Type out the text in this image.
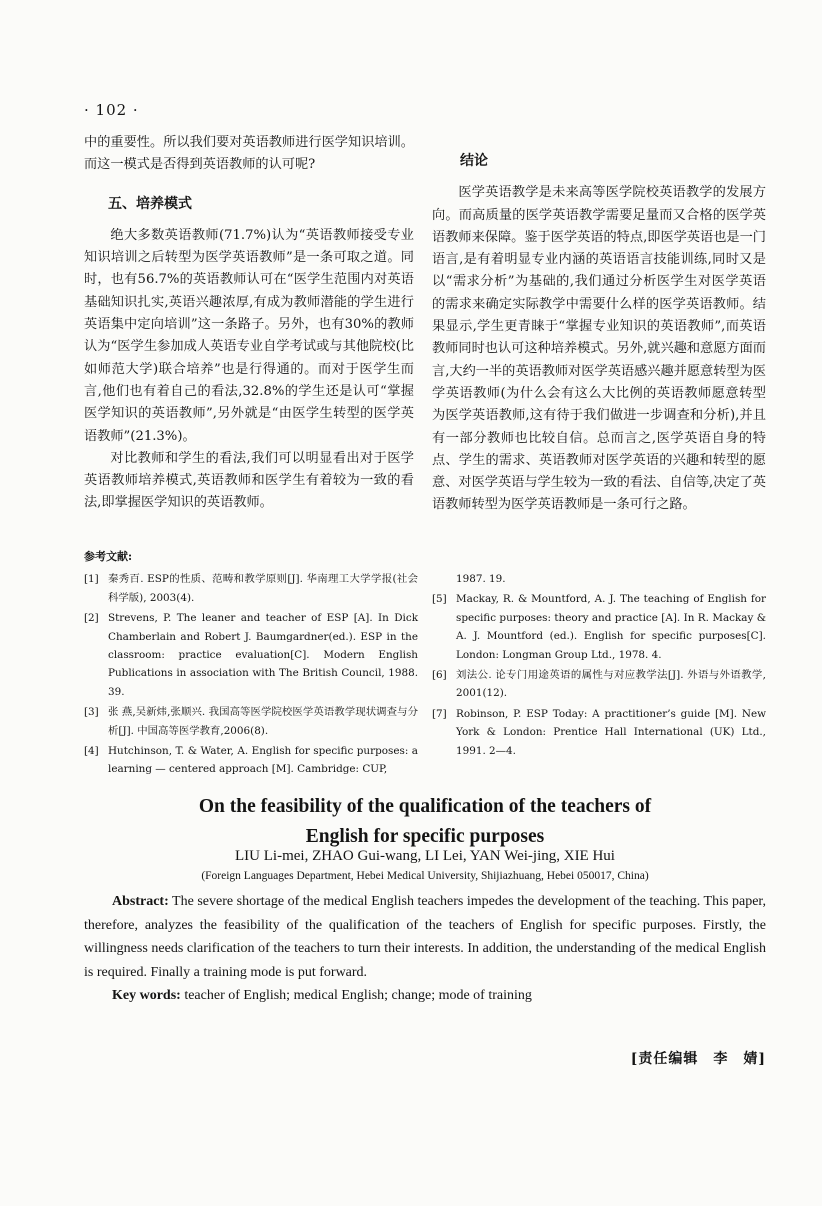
· 102 ·

中的重要性。所以我们要对英语教师进行医学知识培训。而这一模式是否得到英语教师的认可呢?

五、培养模式

绝大多数英语教师(71.7%)认为“英语教师接受专业知识培训之后转型为医学英语教师”是一条可取之道。同时，也有56.7%的英语教师认可在“医学生范围内对英语基础知识扎实,英语兴趣浓厚,有成为教师潜能的学生进行英语集中定向培训”这一条路子。另外，也有30%的教师认为“医学生参加成人英语专业自学考试或与其他院校(比如师范大学)联合培养”也是行得通的。而对于医学生而言,他们也有着自己的看法,32.8%的学生还是认可“掌握医学知识的英语教师”,另外就是“由医学生转型的医学英语教师”(21.3%)。

对比教师和学生的看法,我们可以明显看出对于医学英语教师培养模式,英语教师和医学生有着较为一致的看法,即掌握医学知识的英语教师。

结论

医学英语教学是未来高等医学院校英语教学的发展方向。而高质量的医学英语教学需要足量而又合格的医学英语教师来保障。鉴于医学英语的特点,即医学英语也是一门语言,是有着明显专业内涵的英语语言技能训练,同时又是以“需求分析”为基础的,我们通过分析医学生对医学英语的需求来确定实际教学中需要什么样的医学英语教师。结果显示,学生更青睐于“掌握专业知识的英语教师”,而英语教师同时也认可这种培养模式。另外,就兴趣和意愿方面而言,大约一半的英语教师对医学英语感兴趣并愿意转型为医学英语教师(为什么会有这么大比例的英语教师愿意转型为医学英语教师,这有待于我们做进一步调查和分析),并且有一部分教师也比较自信。总而言之,医学英语自身的特点、学生的需求、英语教师对医学英语的兴趣和转型的愿意、对医学英语与学生较为一致的看法、自信等,决定了英语教师转型为医学英语教师是一条可行之路。

参考文献:
[1] 秦秀百. ESP的性质、范畴和教学原则[J]. 华南理工大学学报(社会科学版), 2003(4).
[2] Strevens, P. The leaner and teacher of ESP [A]. In Dick Chamberlain and Robert J. Baumgardner(ed.). ESP in the classroom: practice evaluation[C]. Modern English Publications in association with The British Council, 1988. 39.
[3] 张 燕,吴新炜,张顺兴. 我国高等医学院校医学英语教学现状调查与分析[J]. 中国高等医学教育,2006(8).
[4] Hutchinson, T. & Water, A. English for specific purposes: a learning — centered approach [M]. Cambridge: CUP,
1987. 19.
[5] Mackay, R. & Mountford, A. J. The teaching of English for specific purposes: theory and practice [A]. In R. Mackay & A. J. Mountford (ed.). English for specific purposes[C]. London: Longman Group Ltd., 1978. 4.
[6] 刘法公. 论专门用途英语的属性与对应教学法[J]. 外语与外语教学, 2001(12).
[7] Robinson, P. ESP Today: A practitioner’s guide [M]. New York & London: Prentice Hall International (UK) Ltd., 1991. 2—4.
On the feasibility of the qualification of the teachers of
English for specific purposes
LIU Li-mei, ZHAO Gui-wang, LI Lei, YAN Wei-jing, XIE Hui
(Foreign Languages Department, Hebei Medical University, Shijiazhuang, Hebei 050017, China)

Abstract: The severe shortage of the medical English teachers impedes the development of the teaching. This paper, therefore, analyzes the feasibility of the qualification of the teachers of English for specific purposes. Firstly, the willingness needs clarification of the teachers to turn their interests. In addition, the understanding of the medical English is required. Finally a training mode is put forward.

Key words: teacher of English; medical English; change; mode of training

[责任编辑　李　婧]
